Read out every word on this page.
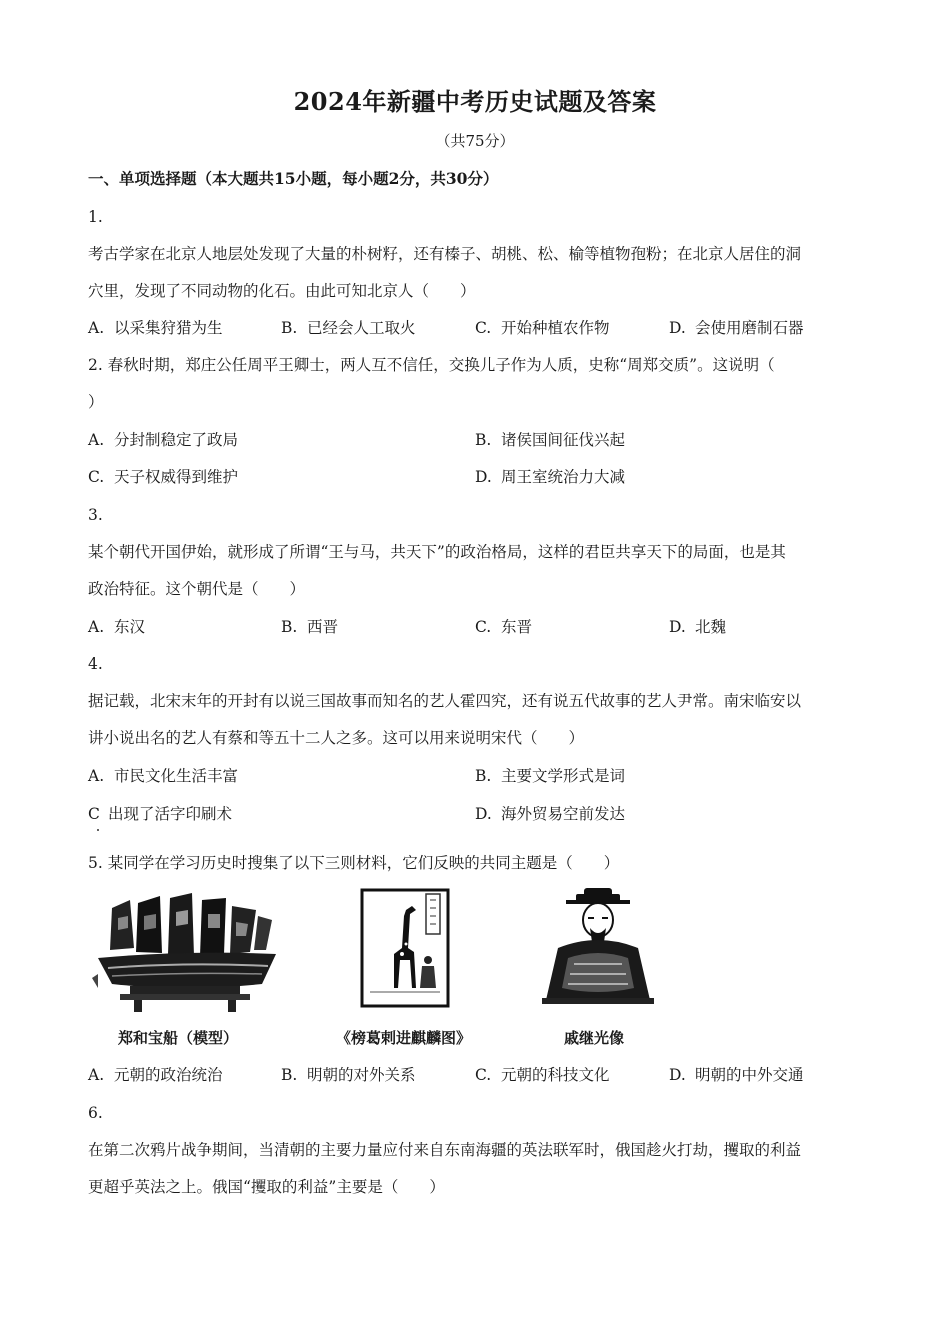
2024年新疆中考历史试题及答案
（共75分）
一、单项选择题（本大题共15小题，每小题2分，共30分）
1.
考古学家在北京人地层处发现了大量的朴树籽，还有榛子、胡桃、松、榆等植物孢粉；在北京人居住的洞
穴里，发现了不同动物的化石。由此可知北京人（　　）
A. 以采集狩猎为生	B. 已经会人工取火	C. 开始种植农作物	D. 会使用磨制石器
2. 春秋时期，郑庄公任周平王卿士，两人互不信任，交换儿子作为人质，史称“周郑交质”。这说明（
）
A. 分封制稳定了政局	B. 诸侯国间征伐兴起
C. 天子权威得到维护	D. 周王室统治力大减
3.
某个朝代开国伊始，就形成了所谓“王与马，共天下”的政治格局，这样的君臣共享天下的局面，也是其
政治特征。这个朝代是（　　）
A. 东汉	B. 西晋	C. 东晋	D. 北魏
4.
据记载，北宋末年的开封有以说三国故事而知名的艺人霍四究，还有说五代故事的艺人尹常。南宋临安以
讲小说出名的艺人有蔡和等五十二人之多。这可以用来说明宋代（　　）
A. 市民文化生活丰富	B. 主要文学形式是词
C 出现了活字印刷术	D. 海外贸易空前发达
5. 某同学在学习历史时搜集了以下三则材料，它们反映的共同主题是（　　）
郑和宝船（模型）	《榜葛剌进麒麟图》	戚继光像
A. 元朝的政治统治	B. 明朝的对外关系	C. 元朝的科技文化	D. 明朝的中外交通
6.
在第二次鸦片战争期间，当清朝的主要力量应付来自东南海疆的英法联军时，俄国趁火打劫，攫取的利益
更超乎英法之上。俄国“攫取的利益”主要是（　　）
